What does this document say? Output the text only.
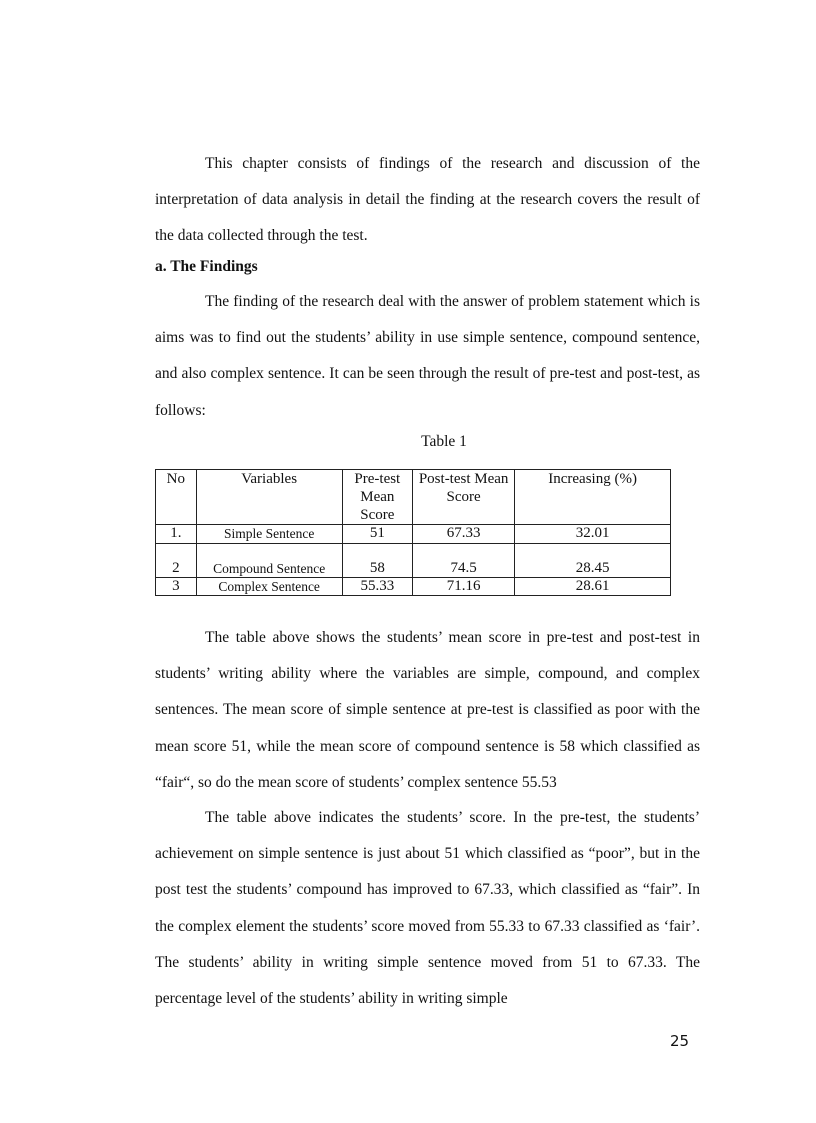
This chapter consists of findings of the research and discussion of the interpretation of data analysis in detail the finding at the research covers the result of the data collected through the test.

a. The Findings

The finding of the research deal with the answer of problem statement which is aims was to find out the students’ ability in use simple sentence, compound sentence, and also complex sentence. It can be seen through the result of pre-test and post-test, as follows:

Table 1

No	Variables	Pre-test Mean Score	Post-test Mean Score	Increasing (%)
1.	Simple Sentence	51	67.33	32.01
2	Compound Sentence	58	74.5	28.45
3	Complex Sentence	55.33	71.16	28.61

The table above shows the students’ mean score in pre-test and post-test in students’ writing ability where the variables are simple, compound, and complex sentences. The mean score of simple sentence at pre-test is classified as poor with the mean score 51, while the mean score of compound sentence is 58 which classified as “fair“, so do the mean score of students’ complex sentence 55.53

The table above indicates the students’ score. In the pre-test, the students’ achievement on simple sentence is just about 51 which classified as “poor”, but in the post test the students’ compound has improved to 67.33, which classified as “fair”. In the complex element the students’ score moved from 55.33 to 67.33 classified as ‘fair’. The students’ ability in writing simple sentence moved from 51 to 67.33. The percentage level of the students’ ability in writing simple

25
